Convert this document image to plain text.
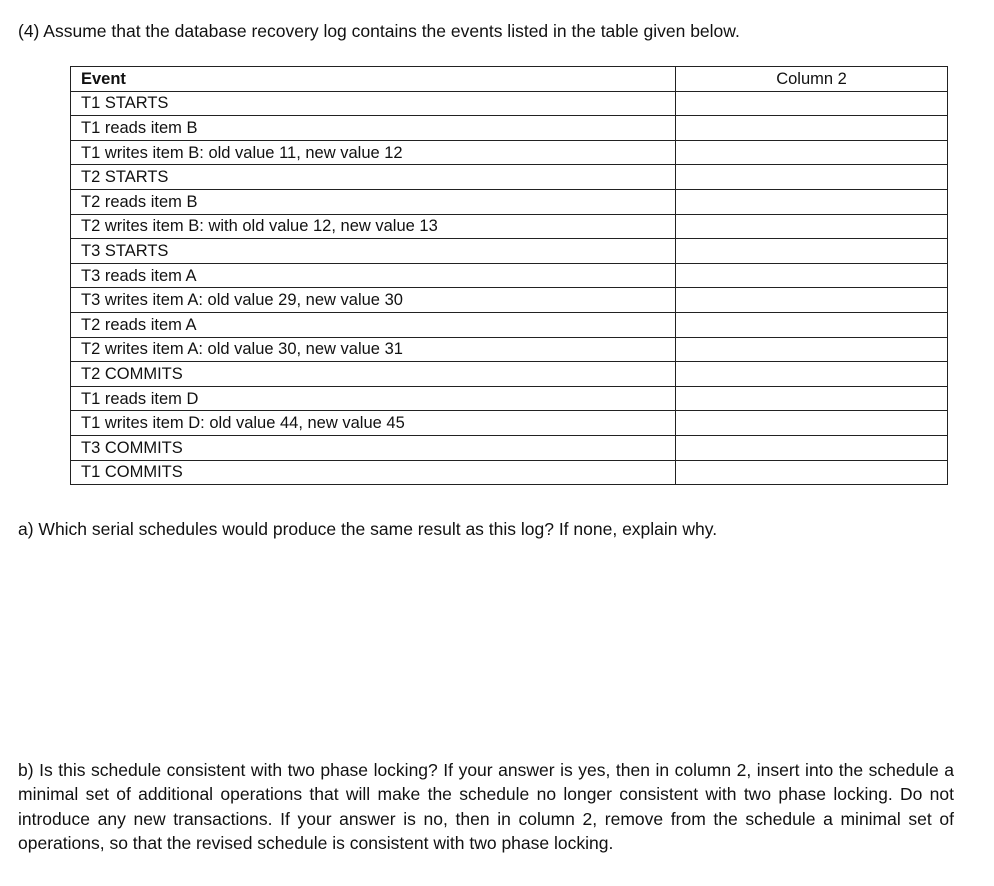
(4) Assume that the database recovery log contains the events listed in the table given below.
Event	Column 2
T1 STARTS	
T1 reads item B	
T1 writes item B: old value 11, new value 12	
T2 STARTS	
T2 reads item B	
T2 writes item B: with old value 12, new value 13	
T3 STARTS	
T3 reads item A	
T3 writes item A: old value 29, new value 30	
T2 reads item A	
T2 writes item A: old value 30, new value 31	
T2 COMMITS	
T1 reads item D	
T1 writes item D: old value 44, new value 45	
T3 COMMITS	
T1 COMMITS	
a) Which serial schedules would produce the same result as this log? If none, explain why.
b) Is this schedule consistent with two phase locking? If your answer is yes, then in column 2, insert into the schedule a minimal set of additional operations that will make the schedule no longer consistent with two phase locking. Do not introduce any new transactions. If your answer is no, then in column 2, remove from the schedule a minimal set of operations, so that the revised schedule is consistent with two phase locking.
